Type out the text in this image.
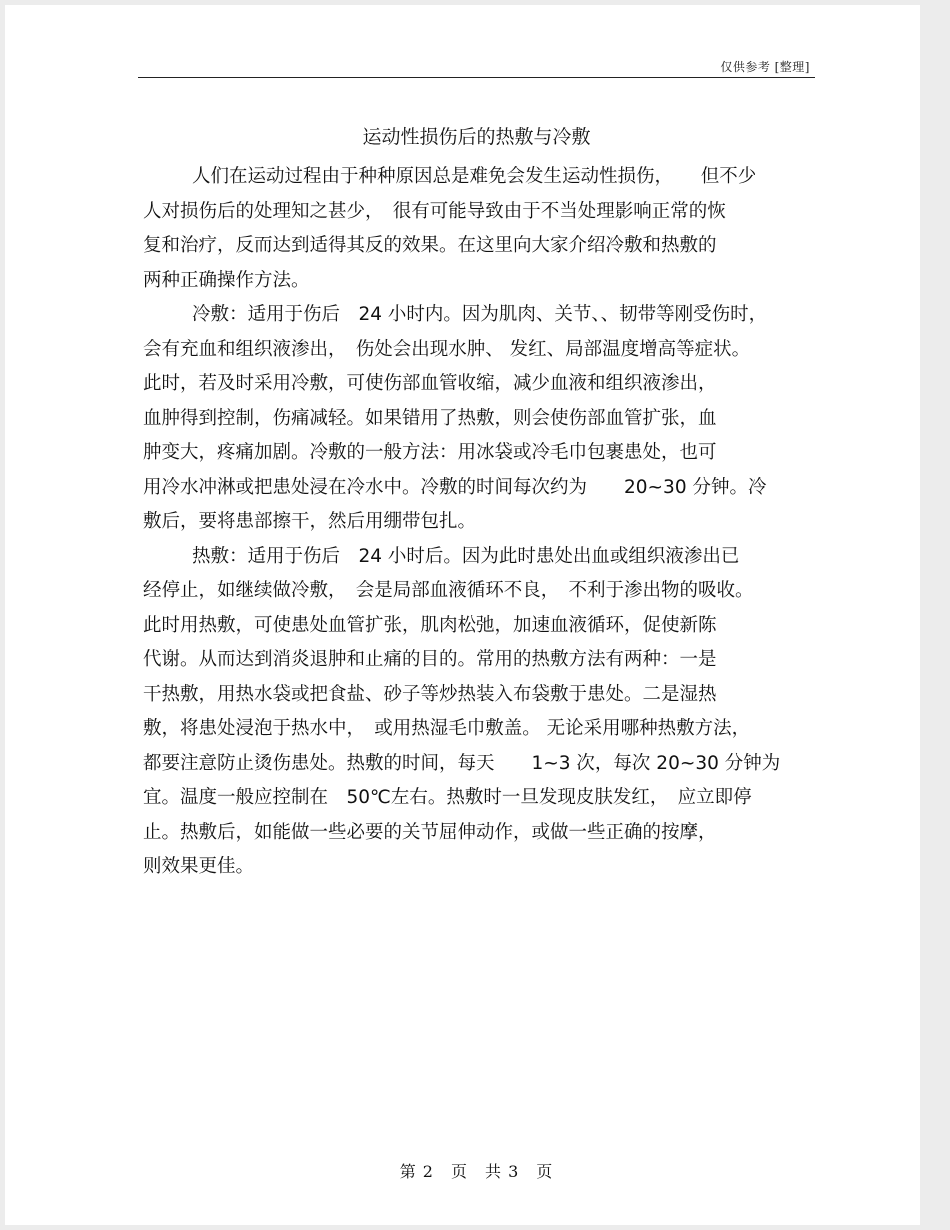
仅供参考 [整理]
运动性损伤后的热敷与冷敷
人们在运动过程由于种种原因总是难免会发生运动性损伤，　　但不少
人对损伤后的处理知之甚少，　很有可能导致由于不当处理影响正常的恢
复和治疗，反而达到适得其反的效果。在这里向大家介绍冷敷和热敷的
两种正确操作方法。
冷敷：适用于伤后　24 小时内。因为肌肉、关节、、韧带等刚受伤时，
会有充血和组织液渗出，　伤处会出现水肿、 发红、局部温度增高等症状。
此时，若及时采用冷敷，可使伤部血管收缩，减少血液和组织液渗出，
血肿得到控制，伤痛减轻。如果错用了热敷，则会使伤部血管扩张，血
肿变大，疼痛加剧。冷敷的一般方法：用冰袋或冷毛巾包裹患处，也可
用冷水冲淋或把患处浸在冷水中。冷敷的时间每次约为　　20~30 分钟。冷
敷后，要将患部擦干，然后用绷带包扎。
热敷：适用于伤后　24 小时后。因为此时患处出血或组织液渗出已
经停止，如继续做冷敷，　会是局部血液循环不良，　不利于渗出物的吸收。
此时用热敷，可使患处血管扩张，肌肉松弛，加速血液循环，促使新陈
代谢。从而达到消炎退肿和止痛的目的。常用的热敷方法有两种：一是
干热敷，用热水袋或把食盐、砂子等炒热装入布袋敷于患处。二是湿热
敷，将患处浸泡于热水中，　或用热湿毛巾敷盖。 无论采用哪种热敷方法，
都要注意防止烫伤患处。热敷的时间，每天　　1~3 次，每次 20~30 分钟为
宜。温度一般应控制在　50℃左右。热敷时一旦发现皮肤发红，　应立即停
止。热敷后，如能做一些必要的关节屈伸动作，或做一些正确的按摩，
则效果更佳。
第 2　页　共 3　页
